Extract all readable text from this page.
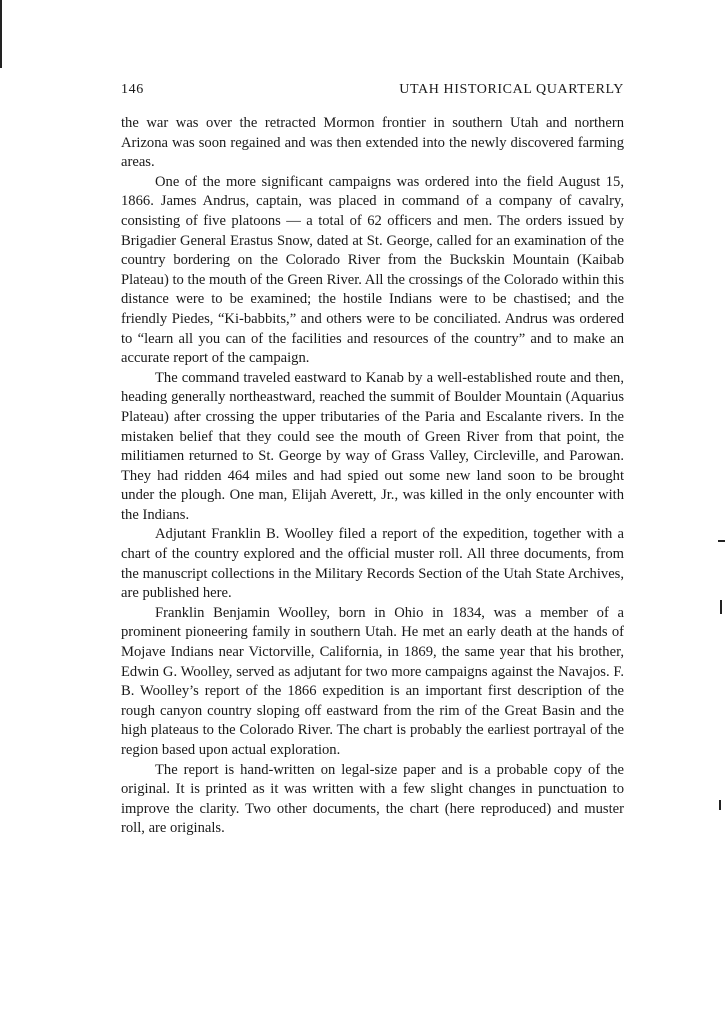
146	UTAH HISTORICAL QUARTERLY

the war was over the retracted Mormon frontier in southern Utah and northern Arizona was soon regained and was then extended into the newly discovered farming areas.

One of the more significant campaigns was ordered into the field August 15, 1866. James Andrus, captain, was placed in command of a company of cavalry, consisting of five platoons — a total of 62 officers and men. The orders issued by Brigadier General Erastus Snow, dated at St. George, called for an examination of the country bordering on the Colorado River from the Buckskin Mountain (Kaibab Plateau) to the mouth of the Green River. All the crossings of the Colorado within this distance were to be examined; the hostile Indians were to be chastised; and the friendly Piedes, “Ki-babbits,” and others were to be conciliated. Andrus was ordered to “learn all you can of the facilities and resources of the country” and to make an accurate report of the campaign.

The command traveled eastward to Kanab by a well-established route and then, heading generally northeastward, reached the summit of Boulder Mountain (Aquarius Plateau) after crossing the upper tributaries of the Paria and Escalante rivers. In the mistaken belief that they could see the mouth of Green River from that point, the militiamen returned to St. George by way of Grass Valley, Circleville, and Parowan. They had ridden 464 miles and had spied out some new land soon to be brought under the plough. One man, Elijah Averett, Jr., was killed in the only encounter with the Indians.

Adjutant Franklin B. Woolley filed a report of the expedition, together with a chart of the country explored and the official muster roll. All three documents, from the manuscript collections in the Military Records Section of the Utah State Archives, are published here.

Franklin Benjamin Woolley, born in Ohio in 1834, was a member of a prominent pioneering family in southern Utah. He met an early death at the hands of Mojave Indians near Victorville, California, in 1869, the same year that his brother, Edwin G. Woolley, served as adjutant for two more campaigns against the Navajos. F. B. Woolley’s report of the 1866 expedition is an important first description of the rough canyon country sloping off eastward from the rim of the Great Basin and the high plateaus to the Colorado River. The chart is probably the earliest portrayal of the region based upon actual exploration.

The report is hand-written on legal-size paper and is a probable copy of the original. It is printed as it was written with a few slight changes in punctuation to improve the clarity. Two other documents, the chart (here reproduced) and muster roll, are originals.
